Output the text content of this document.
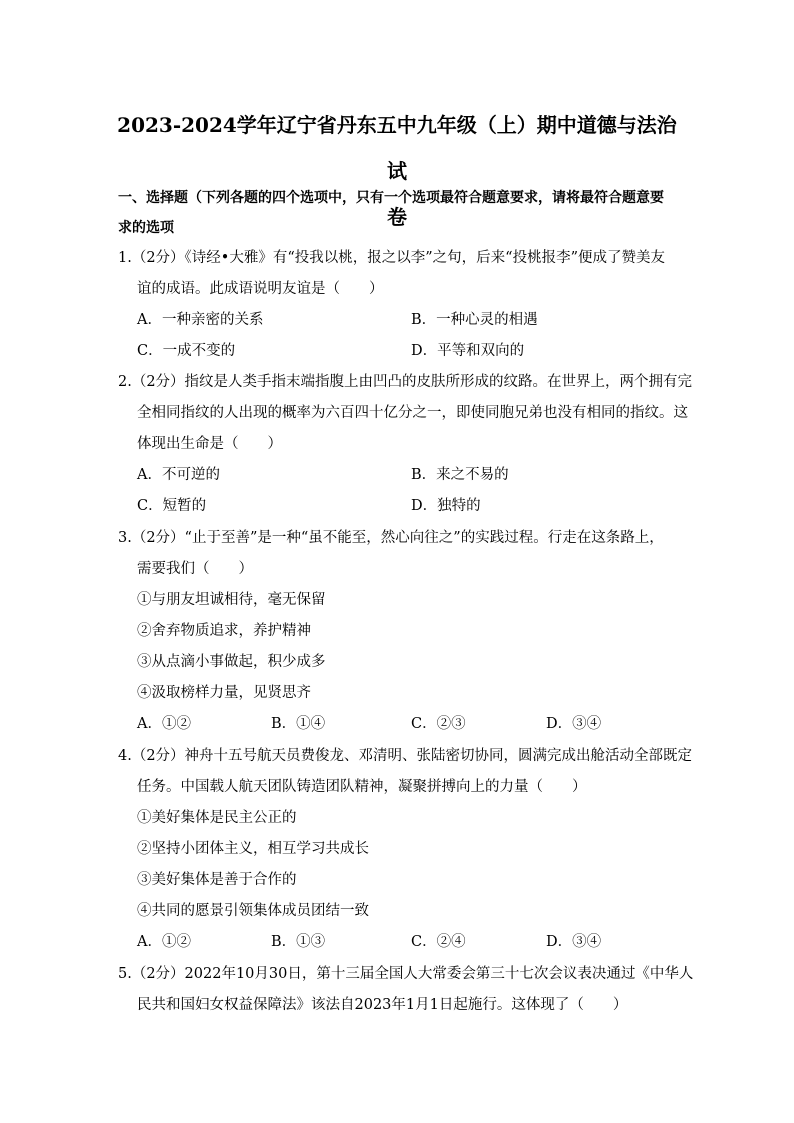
2023-2024学年辽宁省丹东五中九年级（上）期中道德与法治试
卷
一、选择题（下列各题的四个选项中，只有一个选项最符合题意要求，请将最符合题意要
求的选项
1.（2分）《诗经•大雅》有“投我以桃，报之以李”之句，后来“投桃报李”便成了赞美友
谊的成语。此成语说明友谊是（　　）
A．一种亲密的关系	B．一种心灵的相遇
C．一成不变的	D．平等和双向的
2.（2分）指纹是人类手指末端指腹上由凹凸的皮肤所形成的纹路。在世界上，两个拥有完
全相同指纹的人出现的概率为六百四十亿分之一，即使同胞兄弟也没有相同的指纹。这
体现出生命是（　　）
A．不可逆的	B．来之不易的
C．短暂的	D．独特的
3.（2分）“止于至善”是一种“虽不能至，然心向往之”的实践过程。行走在这条路上，
需要我们（　　）
①与朋友坦诚相待，毫无保留
②舍弃物质追求，养护精神
③从点滴小事做起，积少成多
④汲取榜样力量，见贤思齐
A．①②	B．①④	C．②③	D．③④
4.（2分）神舟十五号航天员费俊龙、邓清明、张陆密切协同，圆满完成出舱活动全部既定
任务。中国载人航天团队铸造团队精神，凝聚拼搏向上的力量（　　）
①美好集体是民主公正的
②坚持小团体主义，相互学习共成长
③美好集体是善于合作的
④共同的愿景引领集体成员团结一致
A．①②	B．①③	C．②④	D．③④
5.（2分）2022年10月30日，第十三届全国人大常委会第三十七次会议表决通过《中华人
民共和国妇女权益保障法》该法自2023年1月1日起施行。这体现了（　　）
